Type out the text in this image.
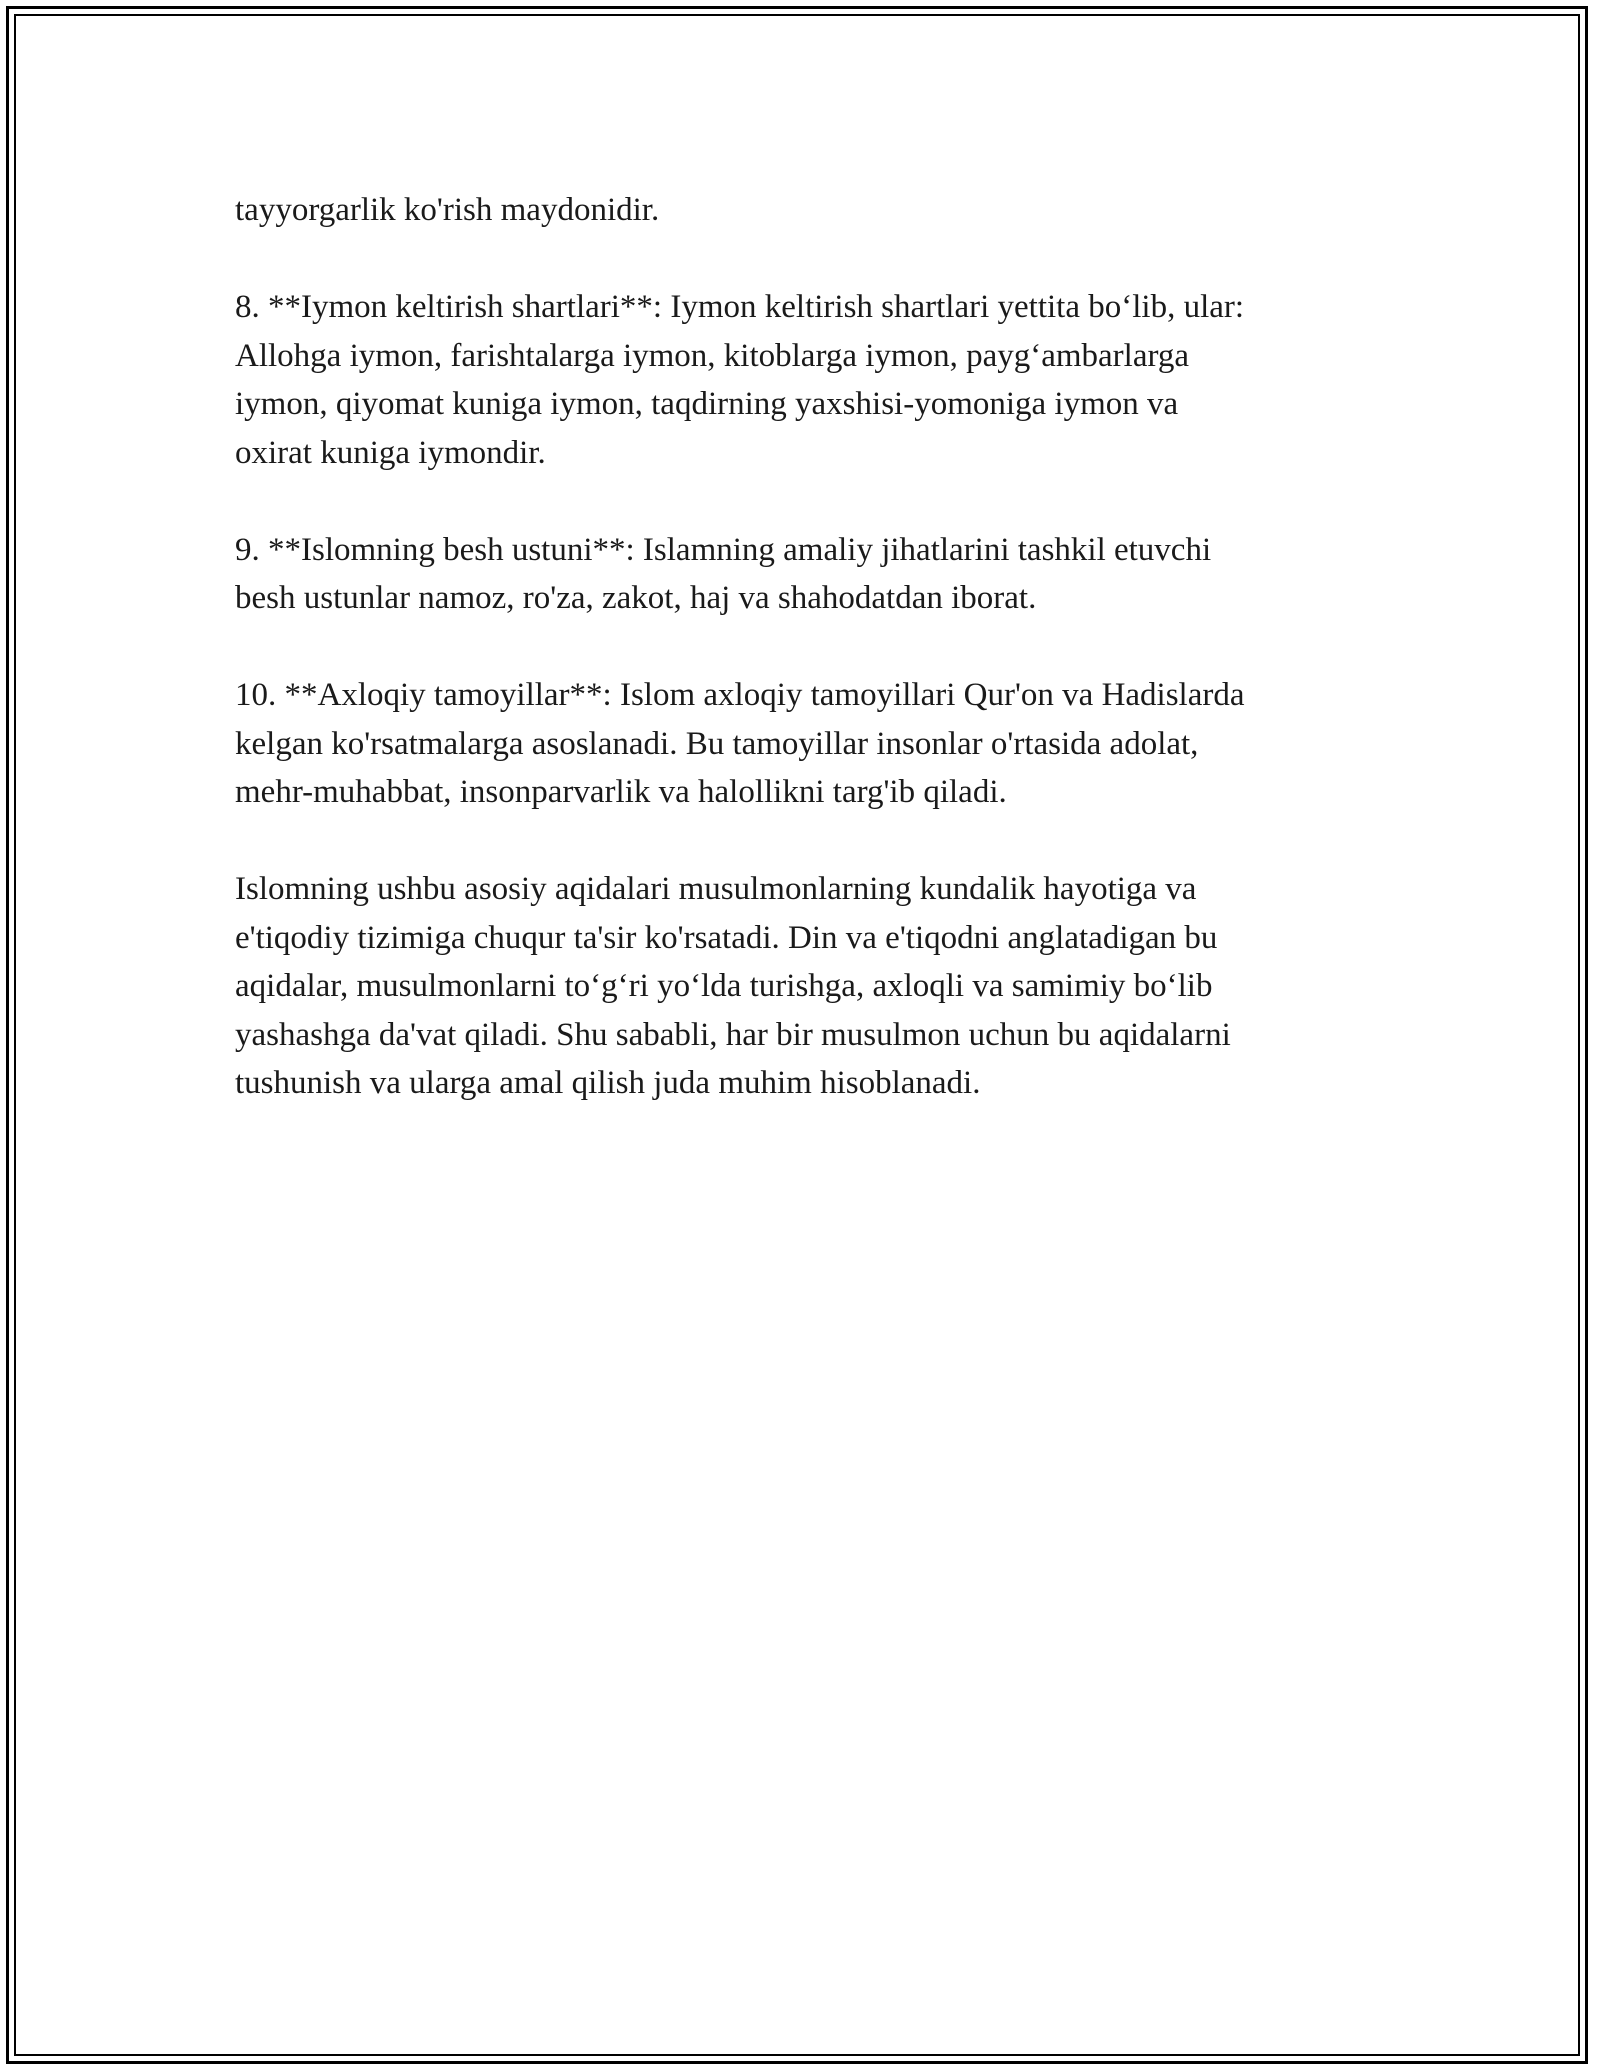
tayyorgarlik ko'rish maydonidir.

8. **Iymon keltirish shartlari**: Iymon keltirish shartlari yettita bo‘lib, ular:
Allohga iymon, farishtalarga iymon, kitoblarga iymon, payg‘ambarlarga
iymon, qiyomat kuniga iymon, taqdirning yaxshisi-yomoniga iymon va
oxirat kuniga iymondir.

9. **Islomning besh ustuni**: Islamning amaliy jihatlarini tashkil etuvchi
besh ustunlar namoz, ro'za, zakot, haj va shahodatdan iborat.

10. **Axloqiy tamoyillar**: Islom axloqiy tamoyillari Qur'on va Hadislarda
kelgan ko'rsatmalarga asoslanadi. Bu tamoyillar insonlar o'rtasida adolat,
mehr-muhabbat, insonparvarlik va halollikni targ'ib qiladi.

Islomning ushbu asosiy aqidalari musulmonlarning kundalik hayotiga va
e'tiqodiy tizimiga chuqur ta'sir ko'rsatadi. Din va e'tiqodni anglatadigan bu
aqidalar, musulmonlarni to‘g‘ri yo‘lda turishga, axloqli va samimiy bo‘lib
yashashga da'vat qiladi. Shu sababli, har bir musulmon uchun bu aqidalarni
tushunish va ularga amal qilish juda muhim hisoblanadi.
